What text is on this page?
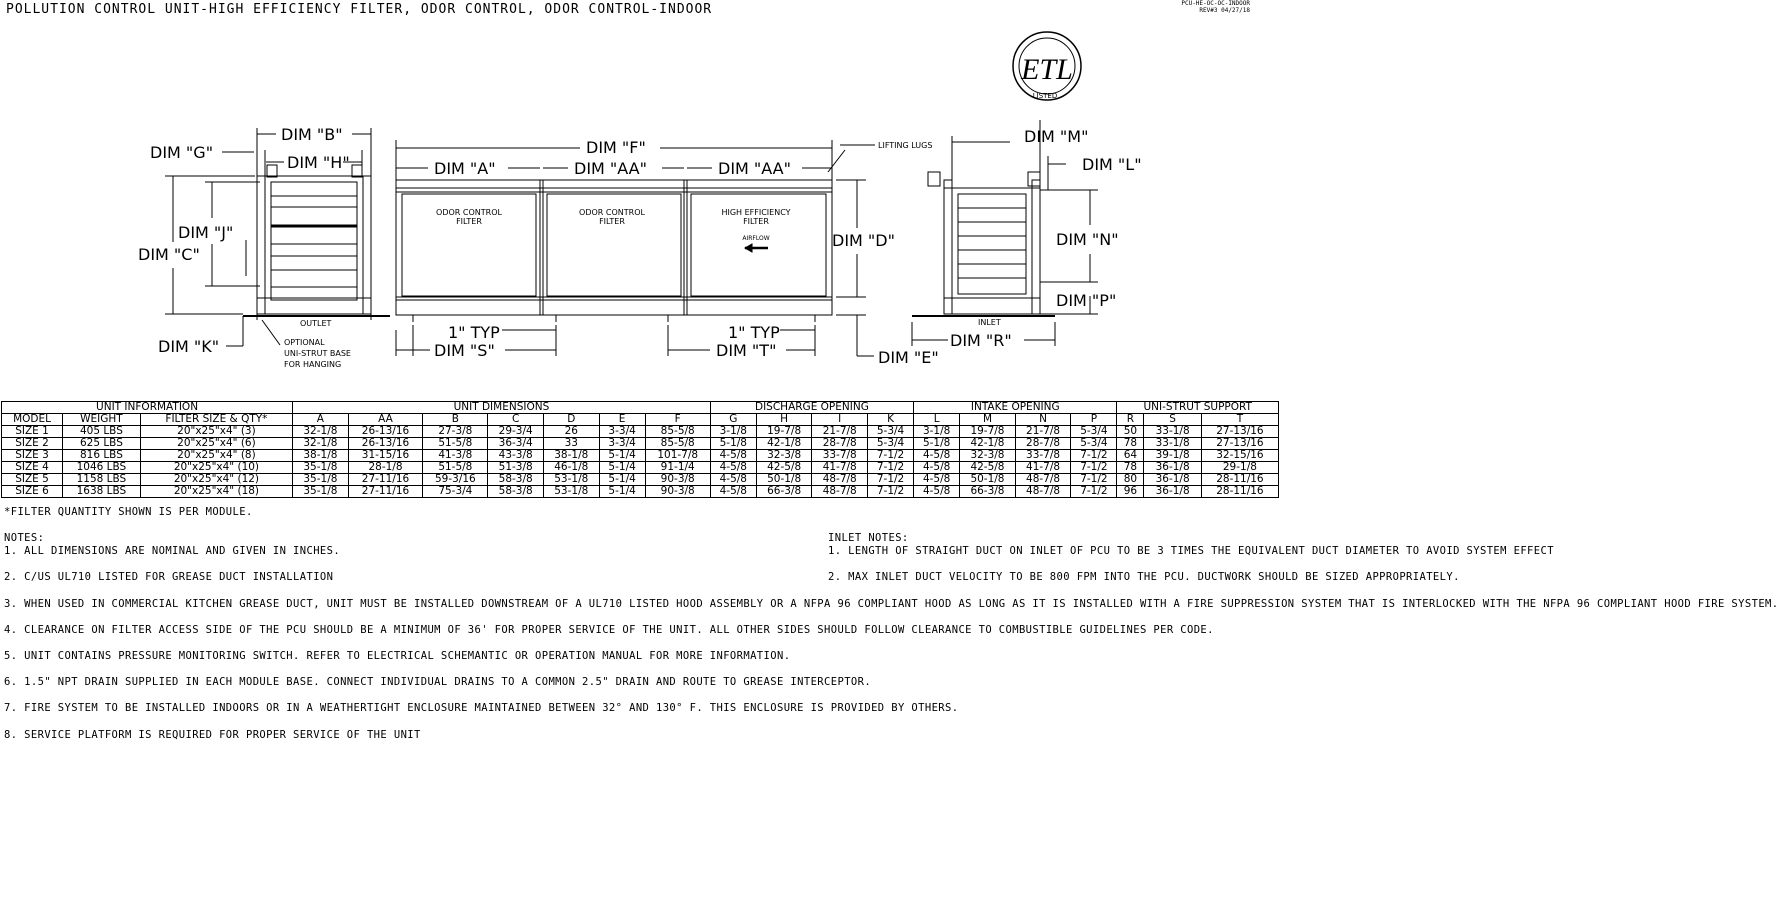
POLLUTION CONTROL UNIT-HIGH EFFICIENCY FILTER, ODOR CONTROL, ODOR CONTROL-INDOOR	PCU-HE-OC-OC-INDOOR
REV#3 04/27/18
ETL
LISTED
DIM "G"
DIM "B"
DIM "H"
DIM "J"
DIM "C"
DIM "K"
OUTLET
OPTIONAL
UNI-STRUT BASE
FOR HANGING
ODOR CONTROL
FILTER
ODOR CONTROL
FILTER
HIGH EFFICIENCY
FILTER
AIRFLOW
DIM "F"
DIM "A"	DIM "AA"	DIM "AA"
LIFTING LUGS
DIM "D"
DIM "E"
1" TYP
DIM "S"
1" TYP
DIM "T"
INLET
DIM "M"
DIM "L"
DIM "N"
DIM "P"
DIM "R"
UNIT INFORMATION			UNIT DIMENSIONS							DISCHARGE OPENING				INTAKE OPENING				UNI-STRUT SUPPORT		
MODEL	WEIGHT	FILTER SIZE & QTY*	A	AA	B	C	D	E	F	G	H	I	K	L	M	N	P	R	S	T
SIZE 1	405 LBS	20"x25"x4" (3)	32-1/8	26-13/16	27-3/8	29-3/4	26	3-3/4	85-5/8	3-1/8	19-7/8	21-7/8	5-3/4	3-1/8	19-7/8	21-7/8	5-3/4	50	33-1/8	27-13/16
SIZE 2	625 LBS	20"x25"x4" (6)	32-1/8	26-13/16	51-5/8	36-3/4	33	3-3/4	85-5/8	5-1/8	42-1/8	28-7/8	5-3/4	5-1/8	42-1/8	28-7/8	5-3/4	78	33-1/8	27-13/16
SIZE 3	816 LBS	20"x25"x4" (8)	38-1/8	31-15/16	41-3/8	43-3/8	38-1/8	5-1/4	101-7/8	4-5/8	32-3/8	33-7/8	7-1/2	4-5/8	32-3/8	33-7/8	7-1/2	64	39-1/8	32-15/16
SIZE 4	1046 LBS	20"x25"x4" (10)	35-1/8	28-1/8	51-5/8	51-3/8	46-1/8	5-1/4	91-1/4	4-5/8	42-5/8	41-7/8	7-1/2	4-5/8	42-5/8	41-7/8	7-1/2	78	36-1/8	29-1/8
SIZE 5	1158 LBS	20"x25"x4" (12)	35-1/8	27-11/16	59-3/16	58-3/8	53-1/8	5-1/4	90-3/8	4-5/8	50-1/8	48-7/8	7-1/2	4-5/8	50-1/8	48-7/8	7-1/2	80	36-1/8	28-11/16
SIZE 6	1638 LBS	20"x25"x4" (18)	35-1/8	27-11/16	75-3/4	58-3/8	53-1/8	5-1/4	90-3/8	4-5/8	66-3/8	48-7/8	7-1/2	4-5/8	66-3/8	48-7/8	7-1/2	96	36-1/8	28-11/16
*FILTER QUANTITY SHOWN IS PER MODULE.
NOTES:

1. ALL DIMENSIONS ARE NOMINAL AND GIVEN IN INCHES.

2. C/US UL710 LISTED FOR GREASE DUCT INSTALLATION

3. WHEN USED IN COMMERCIAL KITCHEN GREASE DUCT, UNIT MUST BE INSTALLED DOWNSTREAM OF A UL710 LISTED HOOD ASSEMBLY OR A NFPA 96 COMPLIANT HOOD AS LONG AS IT IS INSTALLED WITH A FIRE SUPPRESSION SYSTEM THAT IS INTERLOCKED WITH THE NFPA 96 COMPLIANT HOOD FIRE SYSTEM.

4. CLEARANCE ON FILTER ACCESS SIDE OF THE PCU SHOULD BE A MINIMUM OF 36' FOR PROPER SERVICE OF THE UNIT. ALL OTHER SIDES SHOULD FOLLOW CLEARANCE TO COMBUSTIBLE GUIDELINES PER CODE.

5. UNIT CONTAINS PRESSURE MONITORING SWITCH. REFER TO ELECTRICAL SCHEMANTIC OR OPERATION MANUAL FOR MORE INFORMATION.

6. 1.5" NPT DRAIN SUPPLIED IN EACH MODULE BASE. CONNECT INDIVIDUAL DRAINS TO A COMMON 2.5" DRAIN AND ROUTE TO GREASE INTERCEPTOR.

7. FIRE SYSTEM TO BE INSTALLED INDOORS OR IN A WEATHERTIGHT ENCLOSURE MAINTAINED BETWEEN 32° AND 130° F. THIS ENCLOSURE IS PROVIDED BY OTHERS.

8. SERVICE PLATFORM IS REQUIRED FOR PROPER SERVICE OF THE UNIT

INLET NOTES:

1. LENGTH OF STRAIGHT DUCT ON INLET OF PCU TO BE 3 TIMES THE EQUIVALENT DUCT DIAMETER TO AVOID SYSTEM EFFECT

2. MAX INLET DUCT VELOCITY TO BE 800 FPM INTO THE PCU. DUCTWORK SHOULD BE SIZED APPROPRIATELY.
